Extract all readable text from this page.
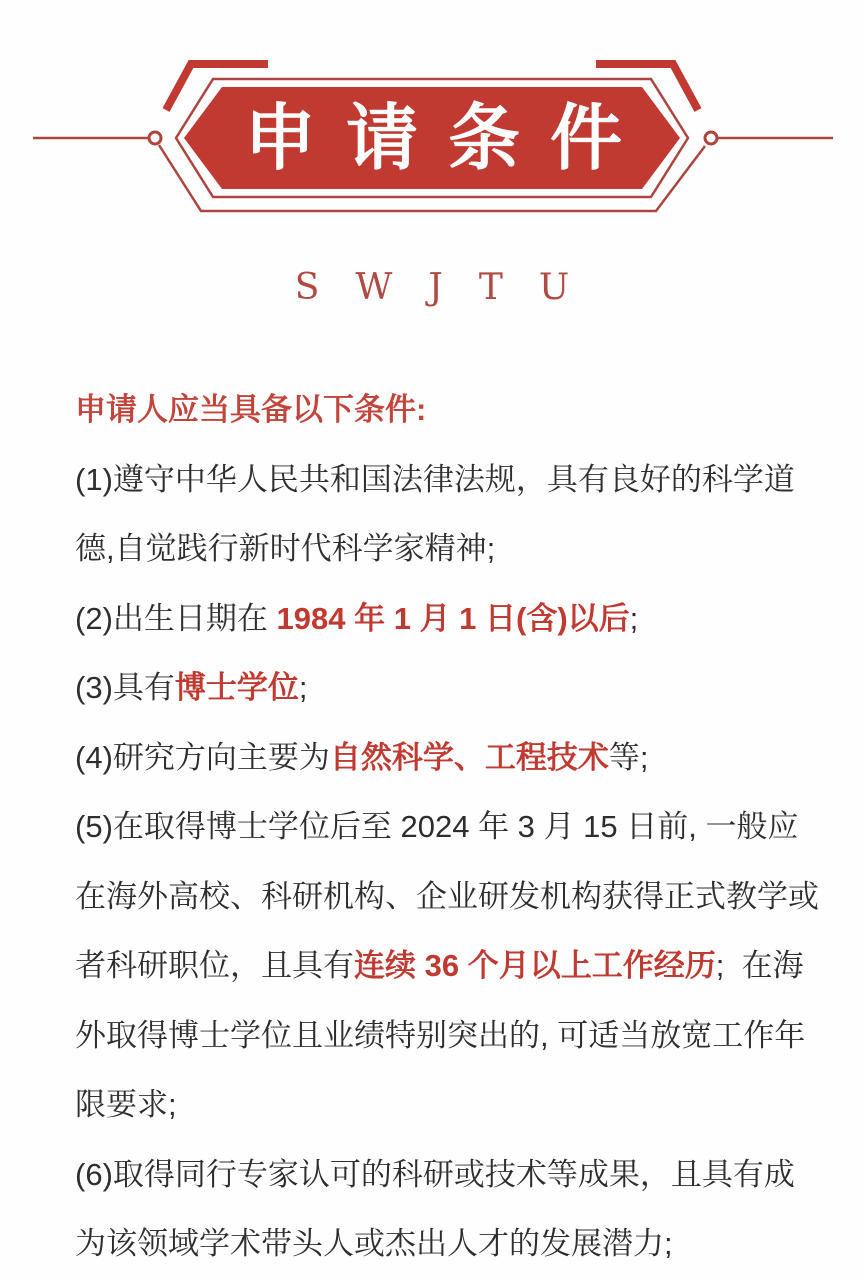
申请条件
SWJTU
申请人应当具备以下条件:
(1)遵守中华人民共和国法律法规，具有良好的科学道
德,自觉践行新时代科学家精神;
(2)出生日期在 1984 年 1 月 1 日(含)以后;
(3)具有博士学位;
(4)研究方向主要为自然科学、工程技术等;
(5)在取得博士学位后至 2024 年 3 月 15 日前, 一般应
在海外高校、科研机构、企业研发机构获得正式教学或
者科研职位，且具有连续 36 个月以上工作经历;  在海
外取得博士学位且业绩特别突出的, 可适当放宽工作年
限要求;
(6)取得同行专家认可的科研或技术等成果，且具有成
为该领域学术带头人或杰出人才的发展潜力;
